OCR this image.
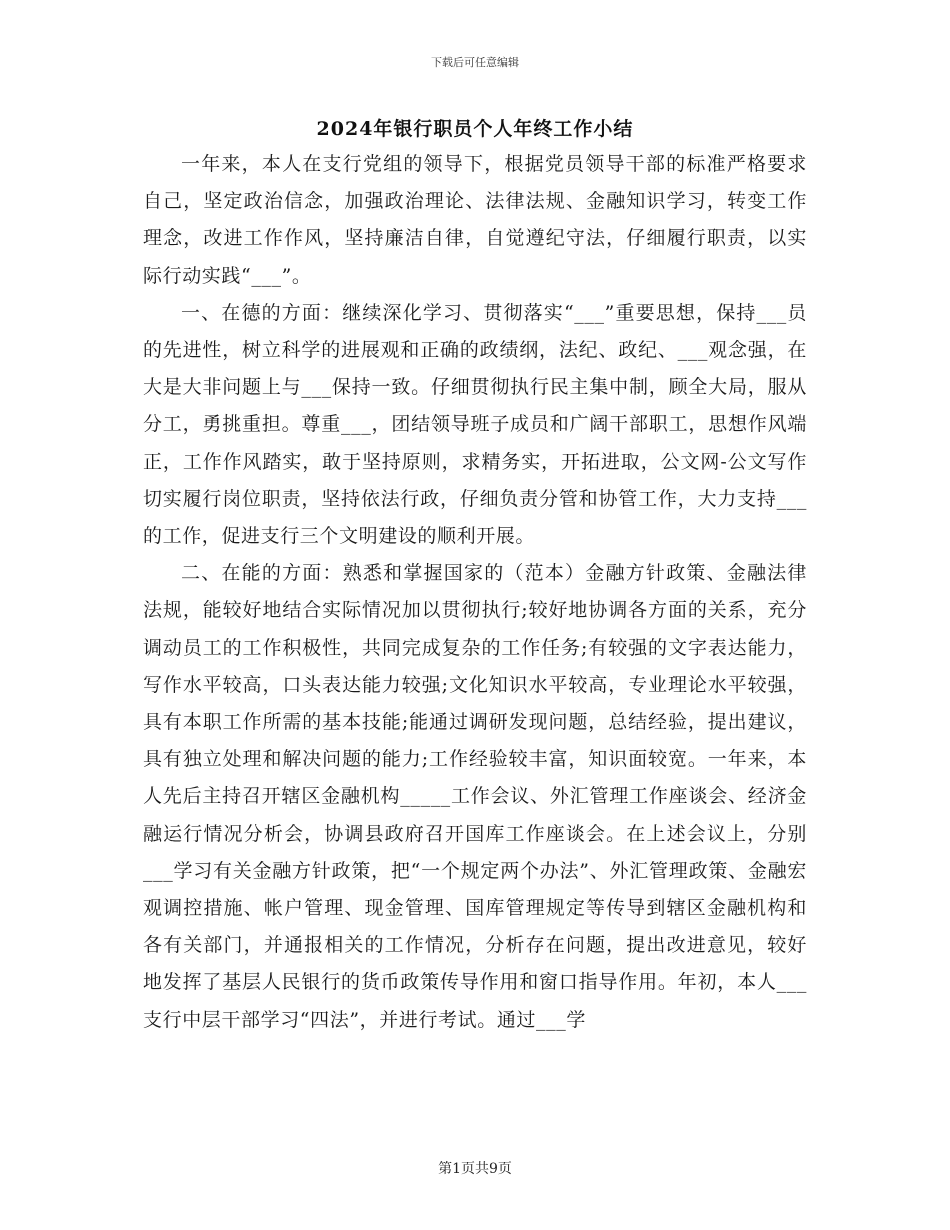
下载后可任意编辑
2024年银行职员个人年终工作小结

一年来，本人在支行党组的领导下，根据党员领导干部的标准严格要求自己，坚定政治信念，加强政治理论、法律法规、金融知识学习，转变工作理念，改进工作作风，坚持廉洁自律，自觉遵纪守法，仔细履行职责，以实际行动实践“___”。

一、在德的方面：继续深化学习、贯彻落实“___”重要思想，保持___员的先进性，树立科学的进展观和正确的政绩纲，法纪、政纪、___观念强，在大是大非问题上与___保持一致。仔细贯彻执行民主集中制，顾全大局，服从分工，勇挑重担。尊重___，团结领导班子成员和广阔干部职工，思想作风端正，工作作风踏实，敢于坚持原则，求精务实，开拓进取，公文网-公文写作切实履行岗位职责，坚持依法行政，仔细负责分管和协管工作，大力支持___的工作，促进支行三个文明建设的顺利开展。

二、在能的方面：熟悉和掌握国家的（范本）金融方针政策、金融法律法规，能较好地结合实际情况加以贯彻执行;较好地协调各方面的关系，充分调动员工的工作积极性，共同完成复杂的工作任务;有较强的文字表达能力，写作水平较高，口头表达能力较强;文化知识水平较高，专业理论水平较强，具有本职工作所需的基本技能;能通过调研发现问题，总结经验，提出建议，具有独立处理和解决问题的能力;工作经验较丰富，知识面较宽。一年来，本人先后主持召开辖区金融机构_____工作会议、外汇管理工作座谈会、经济金融运行情况分析会，协调县政府召开国库工作座谈会。在上述会议上，分别___学习有关金融方针政策，把“一个规定两个办法”、外汇管理政策、金融宏观调控措施、帐户管理、现金管理、国库管理规定等传导到辖区金融机构和各有关部门，并通报相关的工作情况，分析存在问题，提出改进意见，较好地发挥了基层人民银行的货币政策传导作用和窗口指导作用。年初，本人___支行中层干部学习“四法”，并进行考试。通过___学

第1页共9页
